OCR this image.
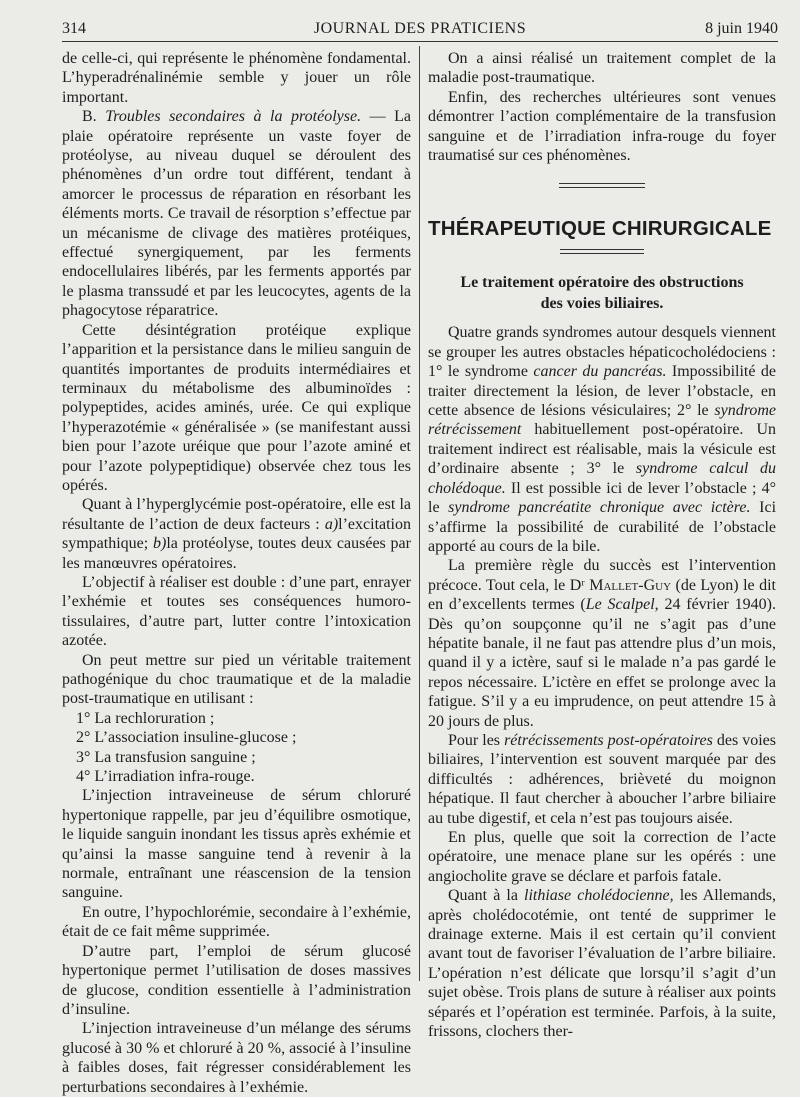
314	JOURNAL DES PRATICIENS	8 juin 1940

de celle-ci, qui représente le phénomène fondamental. L’hyperadrénalinémie semble y jouer un rôle important.

B. Troubles secondaires à la protéolyse. — La plaie opératoire représente un vaste foyer de protéolyse, au niveau duquel se déroulent des phénomènes d’un ordre tout différent, tendant à amorcer le processus de réparation en résorbant les éléments morts. Ce travail de résorption s’effectue par un mécanisme de clivage des matières protéiques, effectué synergiquement, par les ferments endocellulaires libérés, par les ferments apportés par le plasma transsudé et par les leucocytes, agents de la phagocytose réparatrice.

Cette désintégration protéique explique l’apparition et la persistance dans le milieu sanguin de quantités importantes de produits intermédiaires et terminaux du métabolisme des albuminoïdes : polypeptides, acides aminés, urée. Ce qui explique l’hyperazotémie « généralisée » (se manifestant aussi bien pour l’azote uréique que pour l’azote aminé et pour l’azote polypeptidique) observée chez tous les opérés.

Quant à l’hyperglycémie post-opératoire, elle est la résultante de l’action de deux facteurs : a)l’excitation sympathique; b)la protéolyse, toutes deux causées par les manœuvres opératoires.

L’objectif à réaliser est double : d’une part, enrayer l’exhémie et toutes ses conséquences humoro-tissulaires, d’autre part, lutter contre l’intoxication azotée.

On peut mettre sur pied un véritable traitement pathogénique du choc traumatique et de la maladie post-traumatique en utilisant :

1° La rechloruration ;

2° L’association insuline-glucose ;

3° La transfusion sanguine ;

4° L’irradiation infra-rouge.

L’injection intraveineuse de sérum chloruré hypertonique rappelle, par jeu d’équilibre osmotique, le liquide sanguin inondant les tissus après exhémie et qu’ainsi la masse sanguine tend à revenir à la normale, entraînant une réascension de la tension sanguine.

En outre, l’hypochlorémie, secondaire à l’exhémie, était de ce fait même supprimée.

D’autre part, l’emploi de sérum glucosé hypertonique permet l’utilisation de doses massives de glucose, condition essentielle à l’administration d’insuline.

L’injection intraveineuse d’un mélange des sérums glucosé à 30 % et chloruré à 20 %, associé à l’insuline à faibles doses, fait régresser considérablement les perturbations secondaires à l’exhémie.

On a ainsi réalisé un traitement complet de la maladie post-traumatique.

Enfin, des recherches ultérieures sont venues démontrer l’action complémentaire de la transfusion sanguine et de l’irradiation infra-rouge du foyer traumatisé sur ces phénomènes.

THÉRAPEUTIQUE CHIRURGICALE
Le traitement opératoire des obstructions
des voies biliaires.

Quatre grands syndromes autour desquels viennent se grouper les autres obstacles hépaticocholédociens : 1° le syndrome cancer du pancréas. Impossibilité de traiter directement la lésion, de lever l’obstacle, en cette absence de lésions vésiculaires; 2° le syndrome rétrécissement habituellement post-opératoire. Un traitement indirect est réalisable, mais la vésicule est d’ordinaire absente ; 3° le syndrome calcul du cholédoque. Il est possible ici de lever l’obstacle ; 4° le syndrome pancréatite chronique avec ictère. Ici s’affirme la possibilité de curabilité de l’obstacle apporté au cours de la bile.

La première règle du succès est l’intervention précoce. Tout cela, le Dʳ Mallet-Guy (de Lyon) le dit en d’excellents termes (Le Scalpel, 24 février 1940). Dès qu’on soupçonne qu’il ne s’agit pas d’une hépatite banale, il ne faut pas attendre plus d’un mois, quand il y a ictère, sauf si le malade n’a pas gardé le repos nécessaire. L’ictère en effet se prolonge avec la fatigue. S’il y a eu imprudence, on peut attendre 15 à 20 jours de plus.

Pour les rétrécissements post-opératoires des voies biliaires, l’intervention est souvent marquée par des difficultés : adhérences, brièveté du moignon hépatique. Il faut chercher à aboucher l’arbre biliaire au tube digestif, et cela n’est pas toujours aisée.

En plus, quelle que soit la correction de l’acte opératoire, une menace plane sur les opérés : une angiocholite grave se déclare et parfois fatale.

Quant à la lithiase cholédocienne, les Allemands, après cholédocotémie, ont tenté de supprimer le drainage externe. Mais il est certain qu’il convient avant tout de favoriser l’évaluation de l’arbre biliaire. L’opération n’est délicate que lorsqu’il s’agit d’un sujet obèse. Trois plans de suture à réaliser aux points séparés et l’opération est terminée. Parfois, à la suite, frissons, clochers ther-
